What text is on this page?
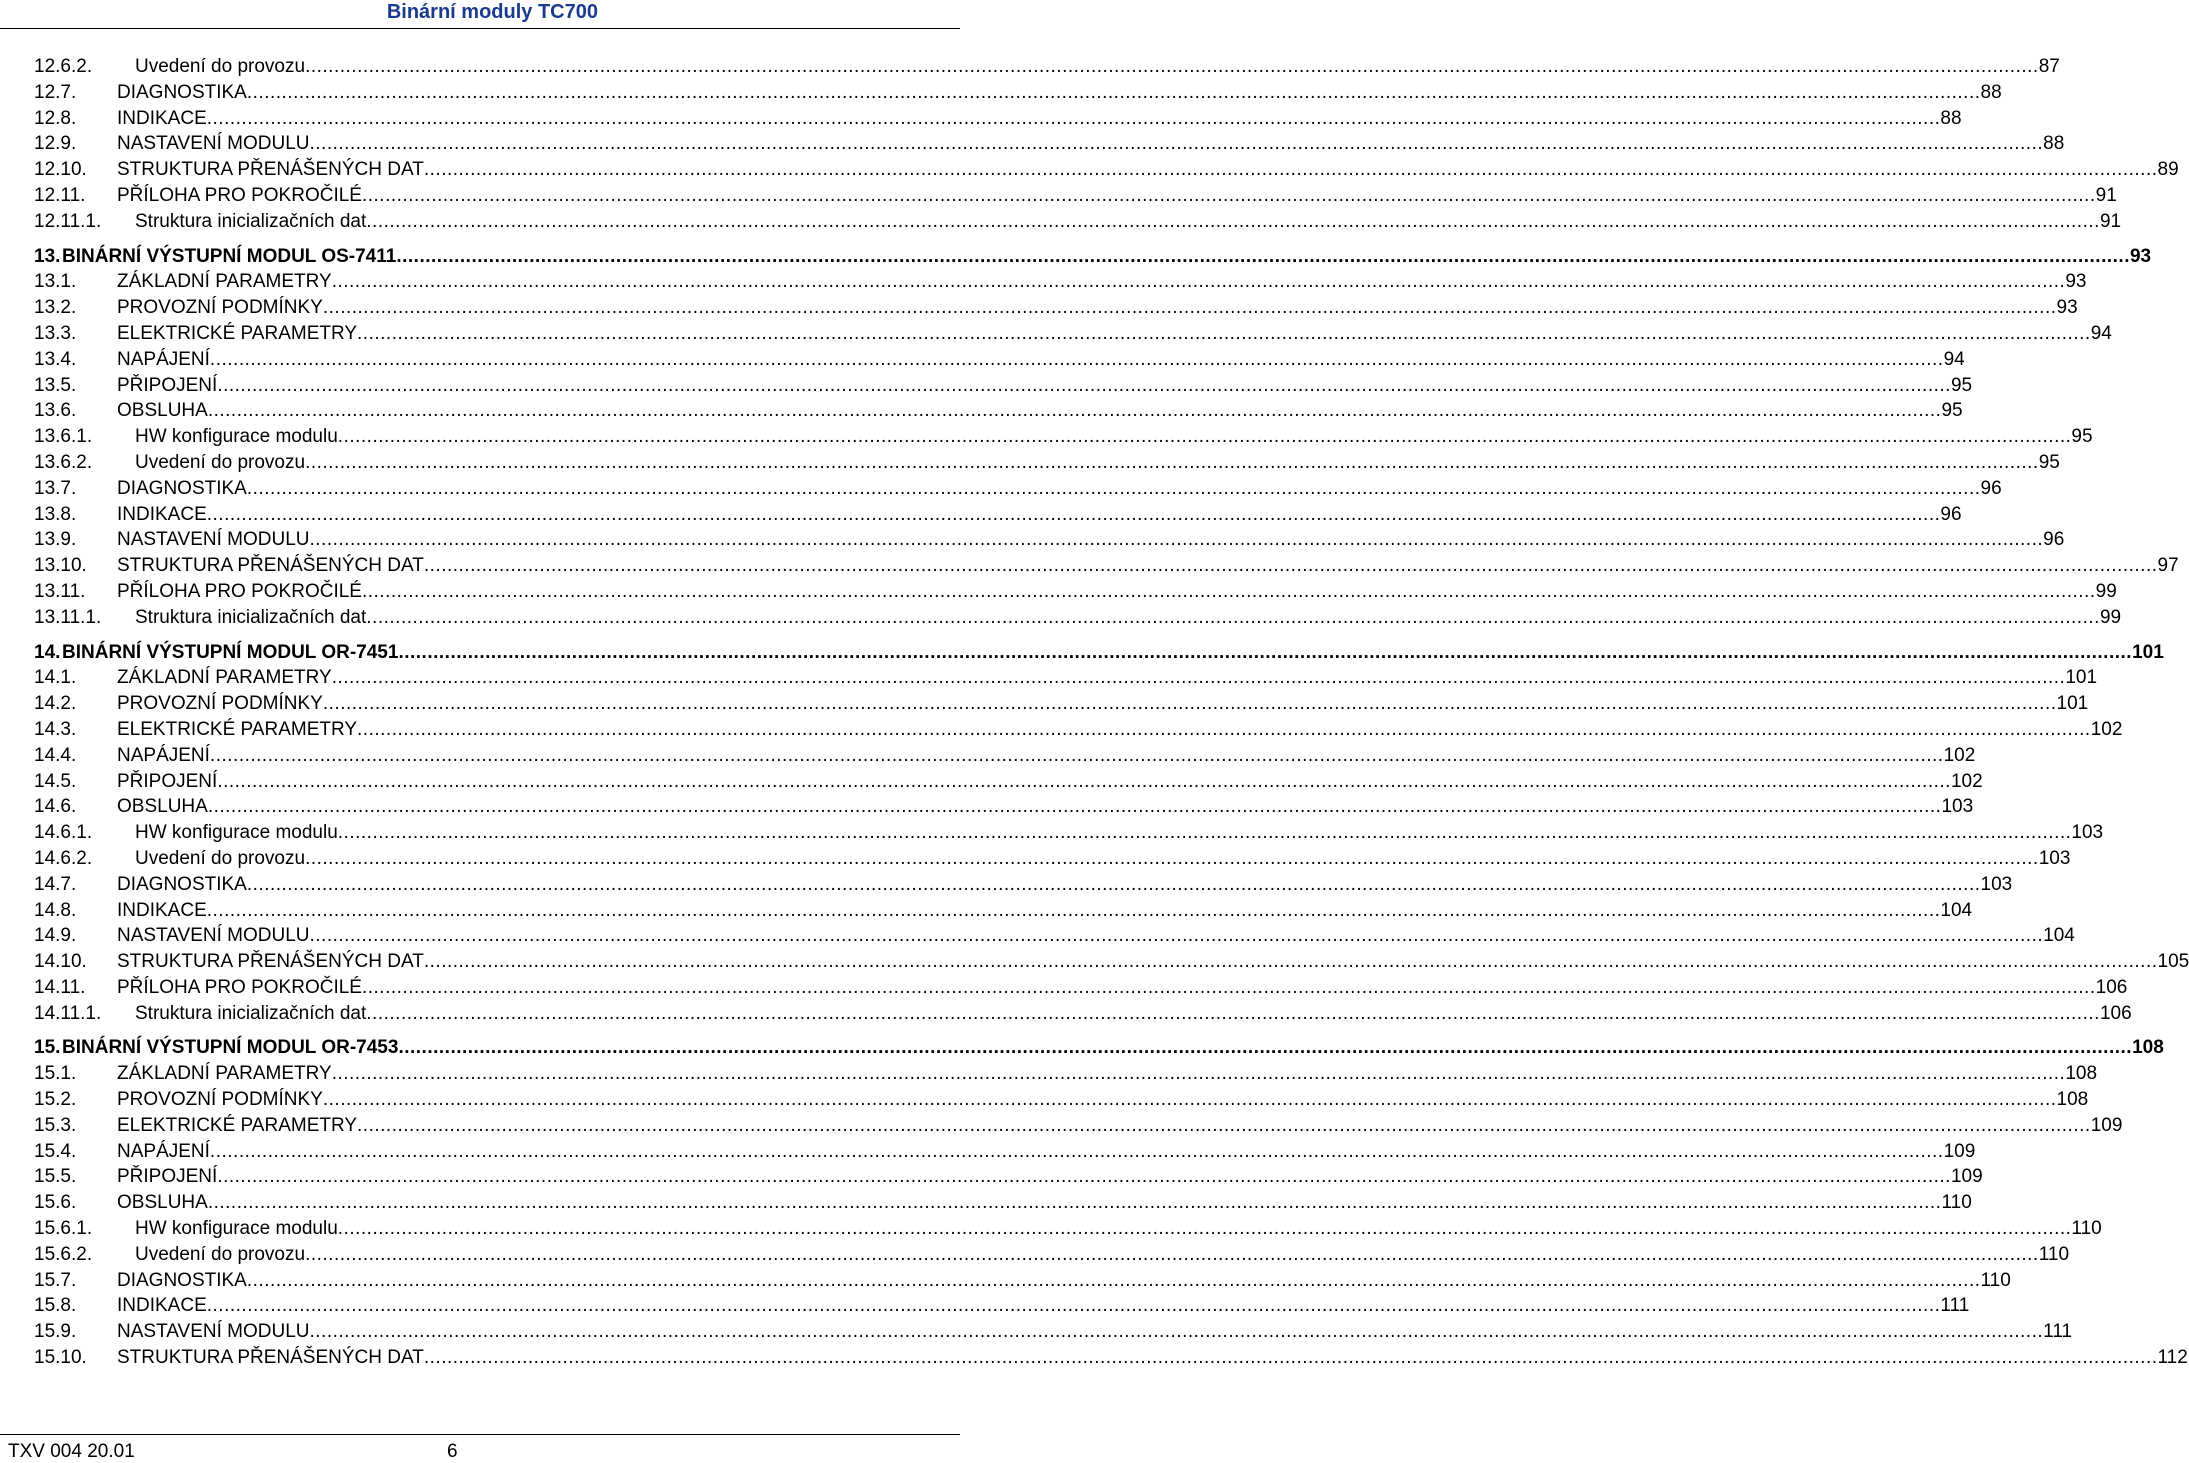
Binární moduly TC700
12.6.2. Uvedení do provozu ............................................................................................................................................................................................................................................................................................................ 87
12.7. DIAGNOSTIKA ............................................................................................................................................................................................................................................................................................................ 88
12.8. INDIKACE ............................................................................................................................................................................................................................................................................................................ 88
12.9. NASTAVENÍ MODULU ............................................................................................................................................................................................................................................................................................................ 88
12.10. STRUKTURA PŘENÁŠENÝCH DAT ............................................................................................................................................................................................................................................................................................................ 89
12.11. PŘÍLOHA PRO POKROČILÉ ............................................................................................................................................................................................................................................................................................................ 91
12.11.1. Struktura inicializačních dat ............................................................................................................................................................................................................................................................................................................ 91
13. BINÁRNÍ VÝSTUPNÍ MODUL OS-7411 ............................................................................................................................................................................................................................................................................................................ 93
13.1. ZÁKLADNÍ PARAMETRY ............................................................................................................................................................................................................................................................................................................ 93
13.2. PROVOZNÍ PODMÍNKY ............................................................................................................................................................................................................................................................................................................ 93
13.3. ELEKTRICKÉ PARAMETRY ............................................................................................................................................................................................................................................................................................................ 94
13.4. NAPÁJENÍ ............................................................................................................................................................................................................................................................................................................ 94
13.5. PŘIPOJENÍ ............................................................................................................................................................................................................................................................................................................ 95
13.6. OBSLUHA ............................................................................................................................................................................................................................................................................................................ 95
13.6.1. HW konfigurace modulu ............................................................................................................................................................................................................................................................................................................ 95
13.6.2. Uvedení do provozu ............................................................................................................................................................................................................................................................................................................ 95
13.7. DIAGNOSTIKA ............................................................................................................................................................................................................................................................................................................ 96
13.8. INDIKACE ............................................................................................................................................................................................................................................................................................................ 96
13.9. NASTAVENÍ MODULU ............................................................................................................................................................................................................................................................................................................ 96
13.10. STRUKTURA PŘENÁŠENÝCH DAT ............................................................................................................................................................................................................................................................................................................ 97
13.11. PŘÍLOHA PRO POKROČILÉ ............................................................................................................................................................................................................................................................................................................ 99
13.11.1. Struktura inicializačních dat ............................................................................................................................................................................................................................................................................................................ 99
14. BINÁRNÍ VÝSTUPNÍ MODUL OR-7451 ............................................................................................................................................................................................................................................................................................................ 101
14.1. ZÁKLADNÍ PARAMETRY ............................................................................................................................................................................................................................................................................................................ 101
14.2. PROVOZNÍ PODMÍNKY ............................................................................................................................................................................................................................................................................................................ 101
14.3. ELEKTRICKÉ PARAMETRY ............................................................................................................................................................................................................................................................................................................ 102
14.4. NAPÁJENÍ ............................................................................................................................................................................................................................................................................................................ 102
14.5. PŘIPOJENÍ ............................................................................................................................................................................................................................................................................................................ 102
14.6. OBSLUHA ............................................................................................................................................................................................................................................................................................................ 103
14.6.1. HW konfigurace modulu ............................................................................................................................................................................................................................................................................................................ 103
14.6.2. Uvedení do provozu ............................................................................................................................................................................................................................................................................................................ 103
14.7. DIAGNOSTIKA ............................................................................................................................................................................................................................................................................................................ 103
14.8. INDIKACE ............................................................................................................................................................................................................................................................................................................ 104
14.9. NASTAVENÍ MODULU ............................................................................................................................................................................................................................................................................................................ 104
14.10. STRUKTURA PŘENÁŠENÝCH DAT ............................................................................................................................................................................................................................................................................................................ 105
14.11. PŘÍLOHA PRO POKROČILÉ ............................................................................................................................................................................................................................................................................................................ 106
14.11.1. Struktura inicializačních dat ............................................................................................................................................................................................................................................................................................................ 106
15. BINÁRNÍ VÝSTUPNÍ MODUL OR-7453 ............................................................................................................................................................................................................................................................................................................ 108
15.1. ZÁKLADNÍ PARAMETRY ............................................................................................................................................................................................................................................................................................................ 108
15.2. PROVOZNÍ PODMÍNKY ............................................................................................................................................................................................................................................................................................................ 108
15.3. ELEKTRICKÉ PARAMETRY ............................................................................................................................................................................................................................................................................................................ 109
15.4. NAPÁJENÍ ............................................................................................................................................................................................................................................................................................................ 109
15.5. PŘIPOJENÍ ............................................................................................................................................................................................................................................................................................................ 109
15.6. OBSLUHA ............................................................................................................................................................................................................................................................................................................ 110
15.6.1. HW konfigurace modulu ............................................................................................................................................................................................................................................................................................................ 110
15.6.2. Uvedení do provozu ............................................................................................................................................................................................................................................................................................................ 110
15.7. DIAGNOSTIKA ............................................................................................................................................................................................................................................................................................................ 110
15.8. INDIKACE ............................................................................................................................................................................................................................................................................................................ 111
15.9. NASTAVENÍ MODULU ............................................................................................................................................................................................................................................................................................................ 111
15.10. STRUKTURA PŘENÁŠENÝCH DAT ............................................................................................................................................................................................................................................................................................................ 112
TXV 004 20.01	6
